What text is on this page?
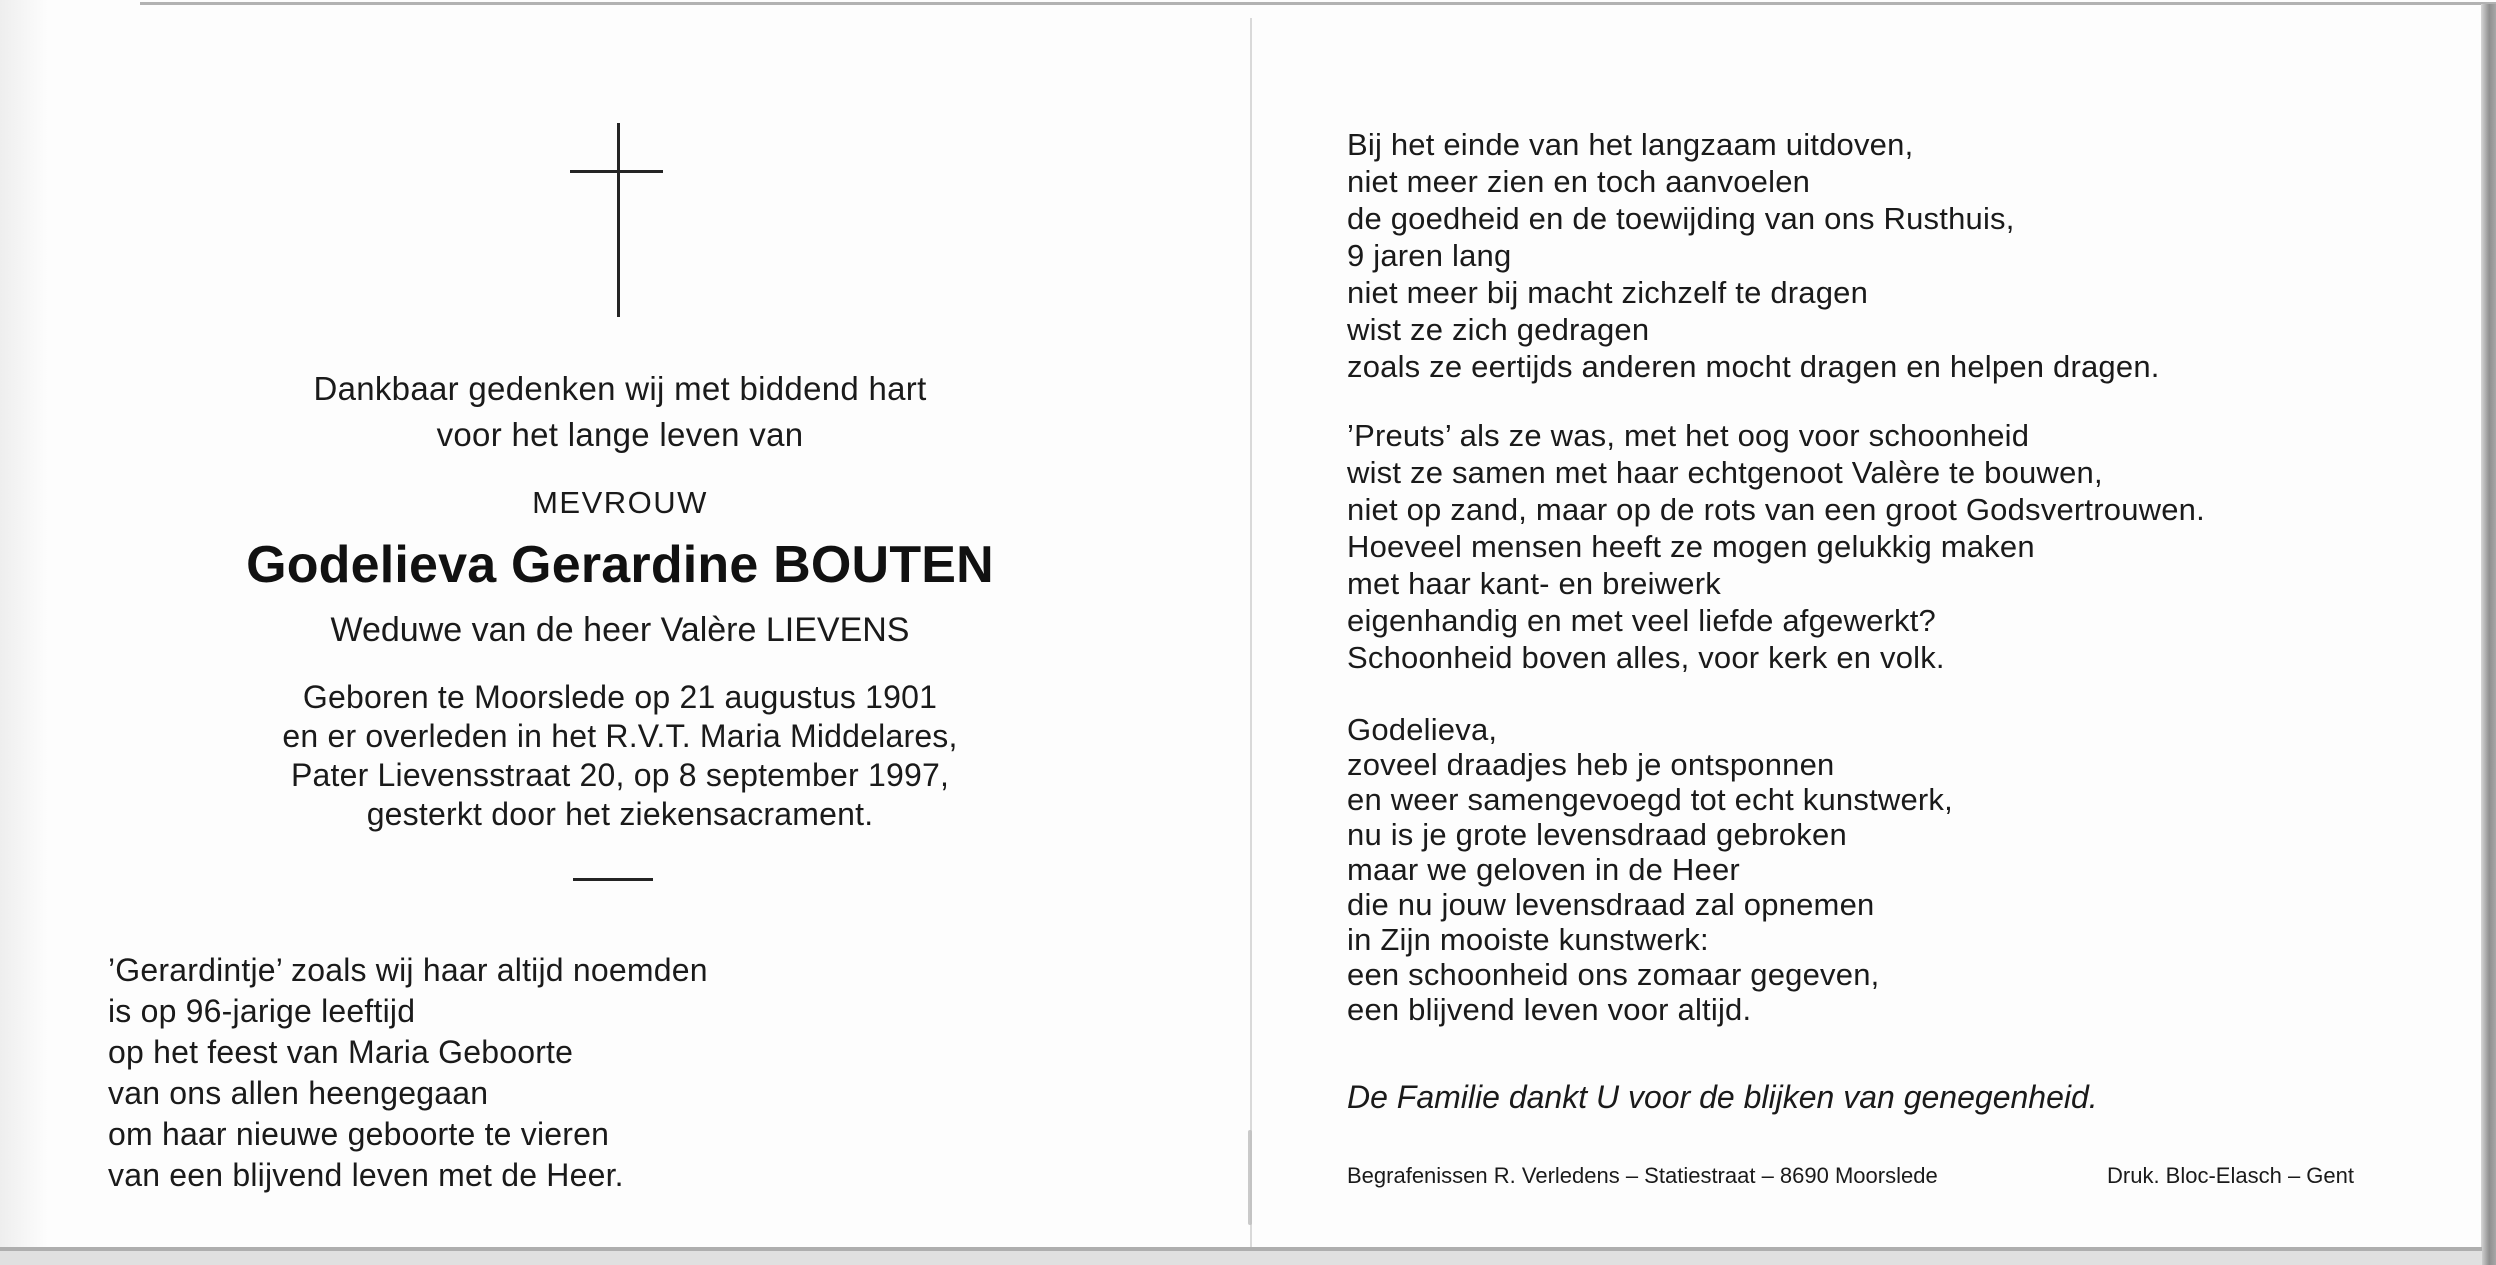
Dankbaar gedenken wij met biddend hart
voor het lange leven van
MEVROUW
Godelieva Gerardine BOUTEN
Weduwe van de heer Valère LIEVENS
Geboren te Moorslede op 21 augustus 1901
en er overleden in het R.V.T. Maria Middelares,
Pater Lievensstraat 20, op 8 september 1997,
gesterkt door het ziekensacrament.
’Gerardintje’ zoals wij haar altijd noemden
is op 96-jarige leeftijd
op het feest van Maria Geboorte
van ons allen heengegaan
om haar nieuwe geboorte te vieren
van een blijvend leven met de Heer.
Bij het einde van het langzaam uitdoven,
niet meer zien en toch aanvoelen
de goedheid en de toewijding van ons Rusthuis,
9 jaren lang
niet meer bij macht zichzelf te dragen
wist ze zich gedragen
zoals ze eertijds anderen mocht dragen en helpen dragen.
’Preuts’ als ze was, met het oog voor schoonheid
wist ze samen met haar echtgenoot Valère te bouwen,
niet op zand, maar op de rots van een groot Godsvertrouwen.
Hoeveel mensen heeft ze mogen gelukkig maken
met haar kant- en breiwerk
eigenhandig en met veel liefde afgewerkt?
Schoonheid boven alles, voor kerk en volk.
Godelieva,
zoveel draadjes heb je ontsponnen
en weer samengevoegd tot echt kunstwerk,
nu is je grote levensdraad gebroken
maar we geloven in de Heer
die nu jouw levensdraad zal opnemen
in Zijn mooiste kunstwerk:
een schoonheid ons zomaar gegeven,
een blijvend leven voor altijd.
De Familie dankt U voor de blijken van genegenheid.
Begrafenissen R. Verledens – Statiestraat – 8690 Moorslede	Druk. Bloc-Elasch – Gent
